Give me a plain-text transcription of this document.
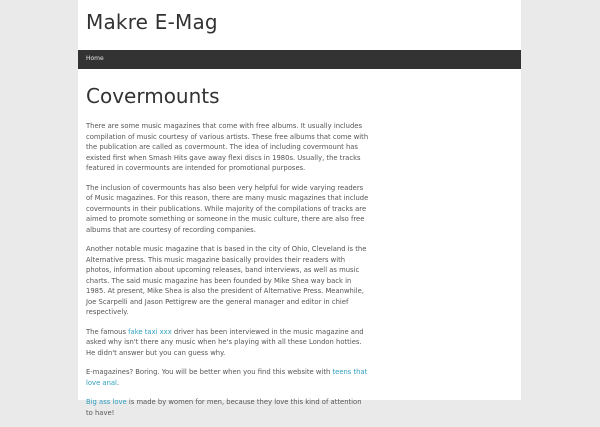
Makre E-Mag
Home
Covermounts

There are some music magazines that come with free albums. It usually includes compilation of music courtesy of various artists. These free albums that come with the publication are called as covermount. The idea of including covermount has existed first when Smash Hits gave away flexi discs in 1980s. Usually, the tracks featured in covermounts are intended for promotional purposes.

The inclusion of covermounts has also been very helpful for wide varying readers of Music magazines. For this reason, there are many music magazines that include covermounts in their publications. While majority of the compilations of tracks are aimed to promote something or someone in the music culture, there are also free albums that are courtesy of recording companies.

Another notable music magazine that is based in the city of Ohio, Cleveland is the Alternative press. This music magazine basically provides their readers with photos, information about upcoming releases, band interviews, as well as music charts. The said music magazine has been founded by Mike Shea way back in 1985. At present, Mike Shea is also the president of Alternative Press. Meanwhile, Joe Scarpelli and Jason Pettigrew are the general manager and editor in chief respectively.

The famous fake taxi xxx driver has been interviewed in the music magazine and asked why isn't there any music when he's playing with all these London hotties. He didn't answer but you can guess why.

E-magazines? Boring. You will be better when you find this website with teens that love anal.

Big ass love is made by women for men, because they love this kind of attention to have!
